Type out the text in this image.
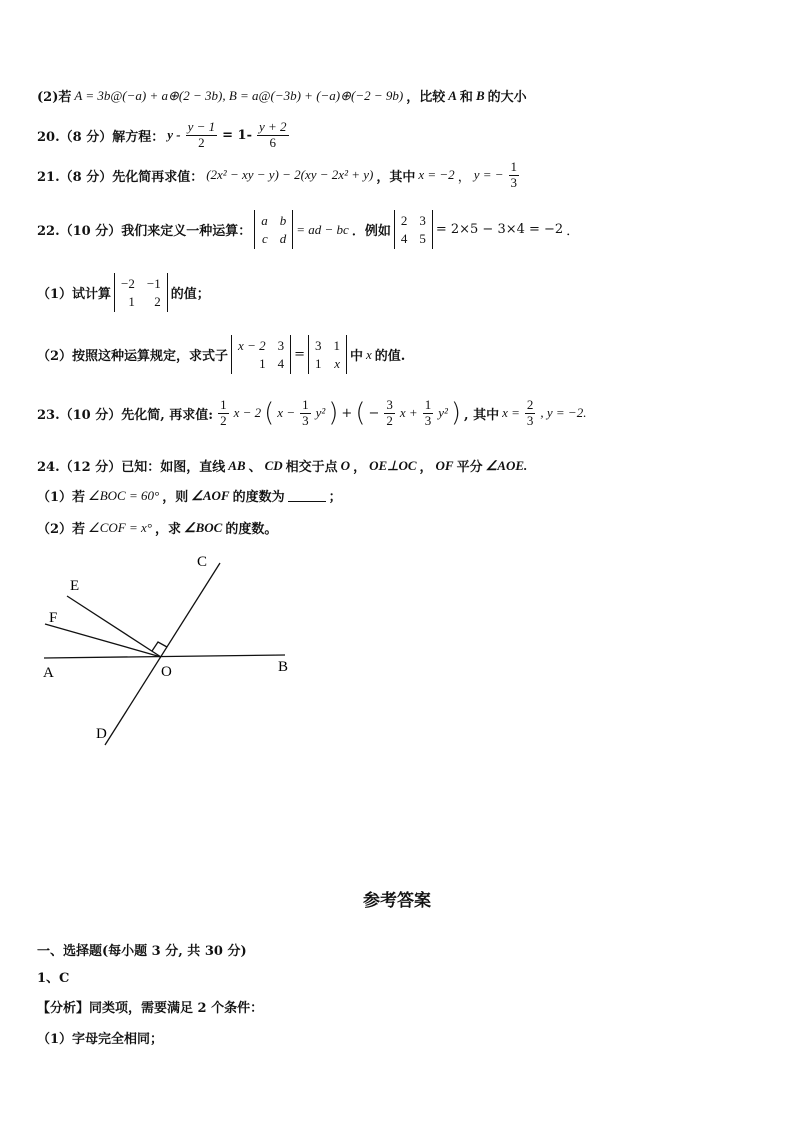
(2)若 A = 3b@(−a) + a⊕(2 − 3b), B = a@(−3b) + (−a)⊕(−2 − 9b) ，比较 A 和 B 的大小
20.（8 分）解方程： $y - \frac{y - 1}{2} = 1- \frac{y + 2}{6}$
21.（8 分）先化简再求值： (2x² − xy − y) − 2(xy − 2x² + y) ，其中 x = −2 ， y = − $\frac{1}{3}$
22.（10 分）我们来定义一种运算：
a b
c d
= ad − bc ．例如
2 3
4 5
= 2×5 − 3×4 = −2 ．
（1）试计算
−2 −1
1	2 的值；
（2）按照这种运算规定，求式子
x − 2 3
1 4
=
3 1
1 x 中 x 的值.
23.（10 分）先化简, 再求值: $\frac{1}{2}$ x − 2 ( $x - \frac{1}{3} y^2$ ) + ( − $\frac{3}{2}$ $x + \frac{1}{3} y^2$ ) , 其中 $x = \frac{2}{3}$ , y = −2.
24.（12 分）已知：如图，直线 AB 、 CD 相交于点 O ， OE⊥OC ， OF 平分 ∠AOE.
（1）若 ∠BOC = 60° ，则 ∠AOF 的度数为	；
（2）若 ∠COF = x° ，求 ∠BOC 的度数。
C
E
F
A	O	B
D
参考答案
一、选择题(每小题 3 分, 共 30 分)
1、C
【分析】同类项，需要满足 2 个条件：
（1）字母完全相同；
